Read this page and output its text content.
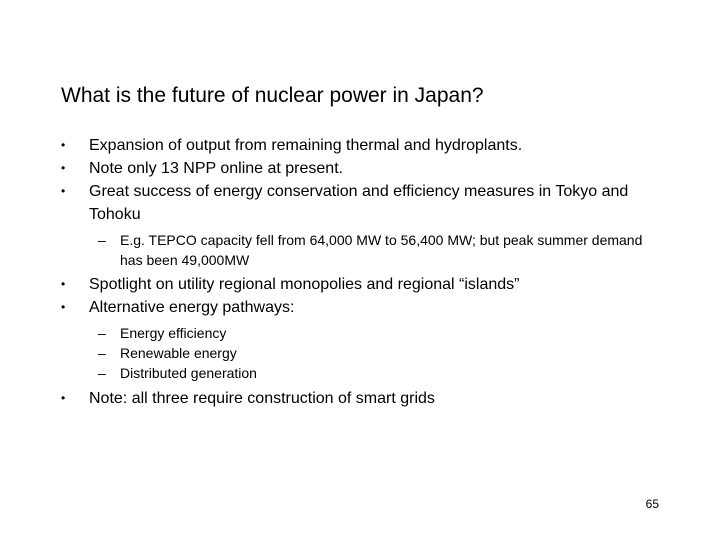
What is the future of nuclear power in Japan?
• Expansion of output from remaining thermal and hydroplants.
• Note only 13 NPP online at present.
• Great success of energy conservation and efficiency measures in Tokyo and Tohoku
– E.g. TEPCO capacity fell from 64,000 MW to 56,400 MW; but peak summer demand has been 49,000MW
• Spotlight on utility regional monopolies and regional “islands”
• Alternative energy pathways:
– Energy efficiency
– Renewable energy
– Distributed generation
• Note: all three require construction of smart grids
65
